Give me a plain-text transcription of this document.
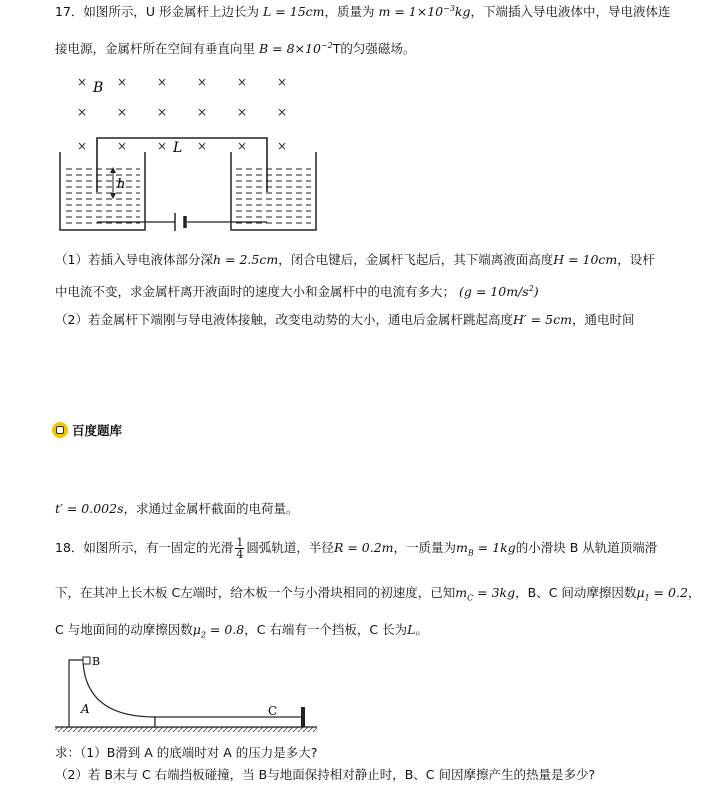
17．如图所示，U 形金属杆上边长为 L = 15cm，质量为 $m = 1\times 10^{-3}kg$，下端插入导电液体中，导电液体连
接电源，金属杆所在空间有垂直向里 $B = 8\times 10^{-2}T$的匀强磁场。
×
×
×
×
×
×
×
×
×
×
×
×
× × × × × ×
B
L
h
（1）若插入导电液体部分深h = 2.5cm，闭合电键后，金属杆飞起后，其下端离液面高度H = 10cm，设杆
中电流不变，求金属杆离开液面时的速度大小和金属杆中的电流有多大； $(g = 10m/s^2)$
（2）若金属杆下端刚与导电液体接触，改变电动势的大小，通电后金属杆跳起高度H′ = 5cm，通电时间
百度题库
t′ = 0.002s，求通过金属杆截面的电荷量。
18．如图所示，有一固定的光滑 $\frac{1}{4}$ 圆弧轨道，半径R = 0.2m，一质量为$m_B = 1kg$的小滑块 B 从轨道顶端滑
下，在其冲上长木板 C左端时，给木板一个与小滑块相同的初速度，已知$m_C = 3kg$，B、C 间动摩擦因数$\mu_1 = 0.2$，
C 与地面间的动摩擦因数$\mu_2 = 0.8$，C 右端有一个挡板，C 长为L。
B
A	C
求：（1）B滑到 A 的底端时对 A 的压力是多大?
（2）若 B末与 C 右端挡板碰撞，当 B与地面保持相对静止时，B、C 间因摩擦产生的热量是多少?
